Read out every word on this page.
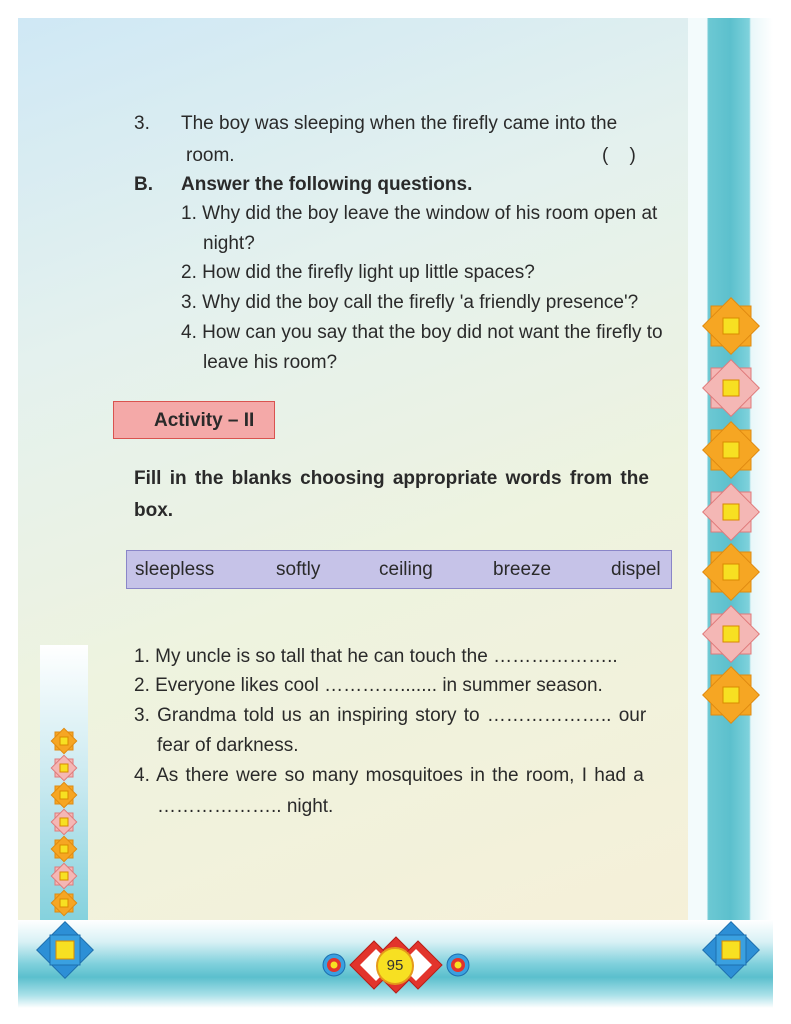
3. The boy was sleeping when the firefly came into the
room.	(    )
B. Answer the following questions.
1. Why did the boy leave the window of his room open at
night?
2. How did the firefly light up little spaces?
3. Why did the boy call the firefly 'a friendly presence'?
4. How can you say that the boy did not want the firefly to
leave his room?
Activity – II
Fill in the blanks choosing appropriate words from the
box.
sleepless	softly	ceiling	breeze	dispel
1. My uncle is so tall that he can touch the ………………..
2. Everyone likes cool …………....... in summer season.
3. Grandma told us an inspiring story to ……………….. our
fear of darkness.
4. As there were so many mosquitoes in the room, I had a
……………….. night.
95
